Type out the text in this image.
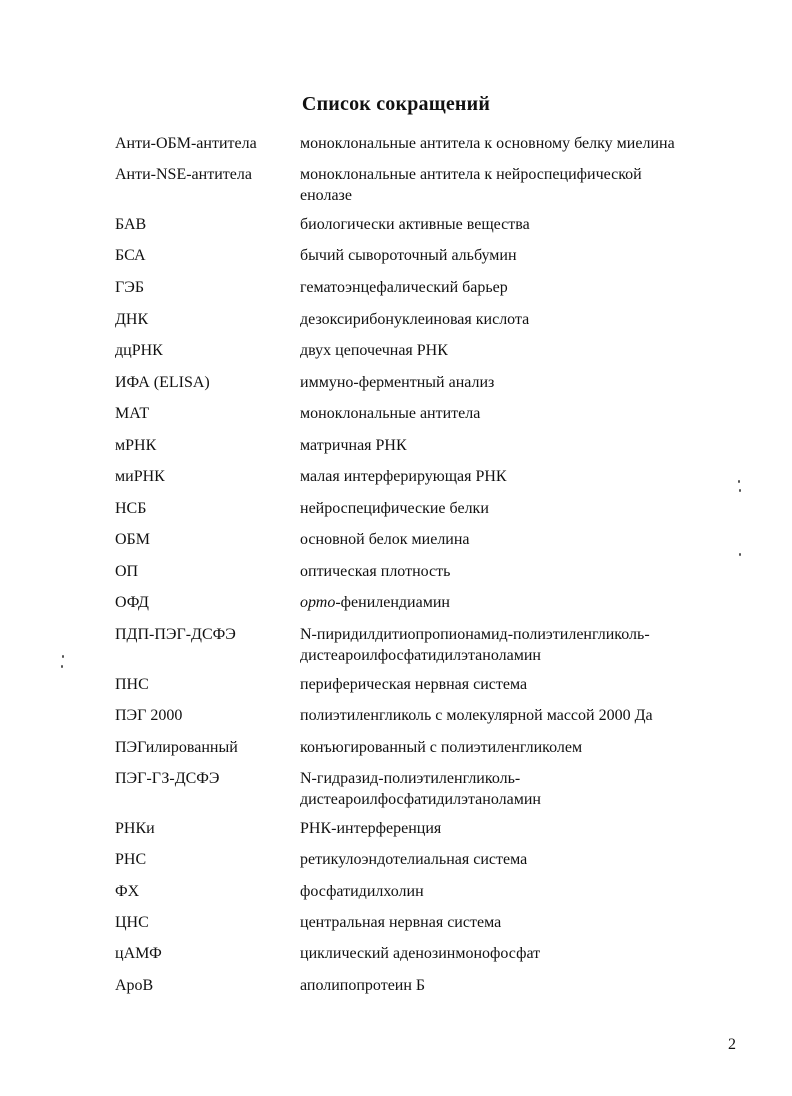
Список сокращений
Анти-ОБМ-антитела	моноклональные антитела к основному белку миелина
Анти-NSE-антитела	моноклональные антитела к нейроспецифической
енолазе
БАВ	биологически активные вещества
БСА	бычий сывороточный альбумин
ГЭБ	гематоэнцефалический барьер
ДНК	дезоксирибонуклеиновая кислота
дцРНК	двух цепочечная РНК
ИФА (ELISA)	иммуно-ферментный анализ
МАТ	моноклональные антитела
мРНК	матричная РНК
миРНК	малая интерферирующая РНК
НСБ	нейроспецифические белки
ОБМ	основной белок миелина
ОП	оптическая плотность
ОФД	орто-фенилендиамин
ПДП-ПЭГ-ДСФЭ	N-пиридилдитиопропионамид-полиэтиленгликоль-
дистеароилфосфатидилэтаноламин
ПНС	периферическая нервная система
ПЭГ 2000	полиэтиленгликоль с молекулярной массой 2000 Да
ПЭГилированный	конъюгированный с полиэтиленгликолем
ПЭГ-ГЗ-ДСФЭ	N-гидразид-полиэтиленгликоль-
дистеароилфосфатидилэтаноламин
РНКи	РНК-интерференция
РНС	ретикулоэндотелиальная система
ФХ	фосфатидилхолин
ЦНС	центральная нервная система
цАМФ	циклический аденозинмонофосфат
ApoB	аполипопротеин Б
2
